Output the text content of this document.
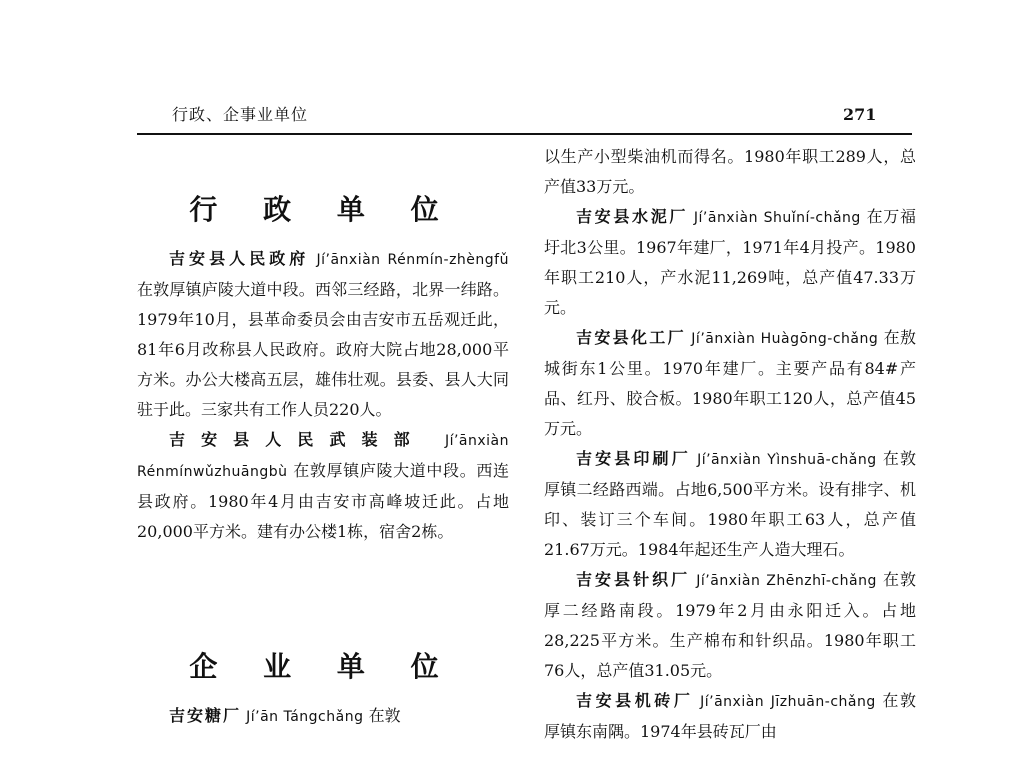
行政、企事业单位	271
行 政 单 位

吉安县人民政府 Jí’ānxiàn Rénmín-zhèngfǔ 在敦厚镇庐陵大道中段。西邻三经路，北界一纬路。1979年10月，县革命委员会由吉安市五岳观迁此，81年6月改称县人民政府。政府大院占地28,000平方米。办公大楼高五层，雄伟壮观。县委、县人大同驻于此。三家共有工作人员220人。

吉安县人民武装部 Jí’ānxiàn Rénmínwǔzhuāngbù 在敦厚镇庐陵大道中段。西连县政府。1980年4月由吉安市高峰坡迁此。占地20,000平方米。建有办公楼1栋，宿舍2栋。

企 业 单 位

吉安糖厂 Jí’ān Tángchǎng 在敦

以生产小型柴油机而得名。1980年职工289人，总产值33万元。

吉安县水泥厂 Jí’ānxiàn Shuǐní-chǎng 在万福圩北3公里。1967年建厂，1971年4月投产。1980年职工210人，产水泥11,269吨，总产值47.33万元。

吉安县化工厂 Jí’ānxiàn Huàgōng-chǎng 在敖城街东1公里。1970年建厂。主要产品有84#产品、红丹、胶合板。1980年职工120人，总产值45万元。

吉安县印刷厂 Jí’ānxiàn Yìnshuā-chǎng 在敦厚镇二经路西端。占地6,500平方米。设有排字、机印、装订三个车间。1980年职工63人，总产值21.67万元。1984年起还生产人造大理石。

吉安县针织厂 Jí’ānxiàn Zhēnzhī-chǎng 在敦厚二经路南段。1979年2月由永阳迁入。占地28,225平方米。生产棉布和针织品。1980年职工76人，总产值31.05元。

吉安县机砖厂 Jí’ānxiàn Jīzhuān-chǎng 在敦厚镇东南隅。1974年县砖瓦厂由
